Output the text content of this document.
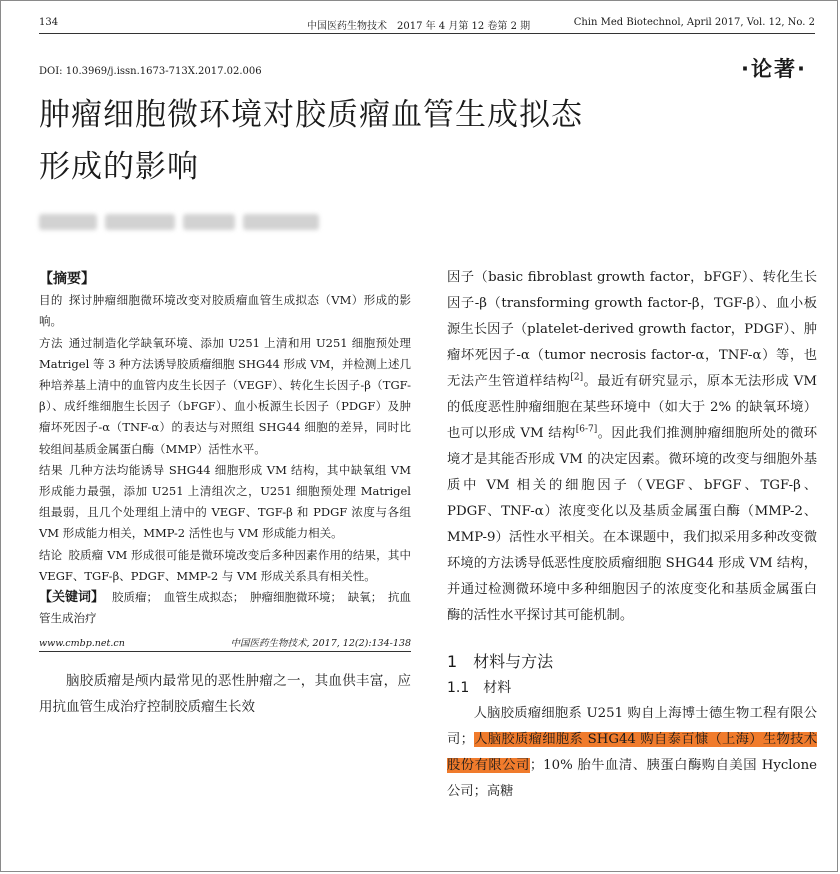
134	中国医药生物技术　2017 年 4 月第 12 卷第 2 期	Chin Med Biotechnol, April 2017, Vol. 12, No. 2
DOI: 10.3969/j.issn.1673-713X.2017.02.006	·论著·
肿瘤细胞微环境对胶质瘤血管生成拟态
形成的影响
【摘要】
目的 探讨肿瘤细胞微环境改变对胶质瘤血管生成拟态（VM）形成的影响。
方法 通过制造化学缺氧环境、添加 U251 上清和用 U251 细胞预处理 Matrigel 等 3 种方法诱导胶质瘤细胞 SHG44 形成 VM，并检测上述几种培养基上清中的血管内皮生长因子（VEGF）、转化生长因子-β（TGF-β）、成纤维细胞生长因子（bFGF）、血小板源生长因子（PDGF）及肿瘤坏死因子-α（TNF-α）的表达与对照组 SHG44 细胞的差异，同时比较组间基质金属蛋白酶（MMP）活性水平。
结果 几种方法均能诱导 SHG44 细胞形成 VM 结构，其中缺氧组 VM 形成能力最强，添加 U251 上清组次之，U251 细胞预处理 Matrigel 组最弱，且几个处理组上清中的 VEGF、TGF-β 和 PDGF 浓度与各组 VM 形成能力相关，MMP-2 活性也与 VM 形成能力相关。
结论 胶质瘤 VM 形成很可能是微环境改变后多种因素作用的结果，其中 VEGF、TGF-β、PDGF、MMP-2 与 VM 形成关系具有相关性。
【关键词】 胶质瘤；　血管生成拟态；　肿瘤细胞微环境；　缺氧；　抗血管生成治疗
www.cmbp.net.cn	中国医药生物技术, 2017, 12(2):134-138
脑胶质瘤是颅内最常见的恶性肿瘤之一，其血供丰富，应用抗血管生成治疗控制胶质瘤生长效

因子（basic fibroblast growth factor，bFGF）、转化生长因子-β（transforming growth factor-β，TGF-β）、血小板源生长因子（platelet-derived growth factor，PDGF）、肿瘤坏死因子-α（tumor necrosis factor-α，TNF-α）等，也无法产生管道样结构[2]。最近有研究显示，原本无法形成 VM 的低度恶性肿瘤细胞在某些环境中（如大于 2% 的缺氧环境）也可以形成 VM 结构[6-7]。因此我们推测肿瘤细胞所处的微环境才是其能否形成 VM 的决定因素。微环境的改变与细胞外基质中 VM 相关的细胞因子（VEGF、bFGF、TGF-β、PDGF、TNF-α）浓度变化以及基质金属蛋白酶（MMP-2、MMP-9）活性水平相关。在本课题中，我们拟采用多种改变微环境的方法诱导低恶性度胶质瘤细胞 SHG44 形成 VM 结构，并通过检测微环境中多种细胞因子的浓度变化和基质金属蛋白酶的活性水平探讨其可能机制。

1　材料与方法
1.1　材料

人脑胶质瘤细胞系 U251 购自上海博士德生物工程有限公司；人脑胶质瘤细胞系 SHG44 购自泰百慷（上海）生物技术股份有限公司；10% 胎牛血清、胰蛋白酶购自美国 Hyclone 公司；高糖
